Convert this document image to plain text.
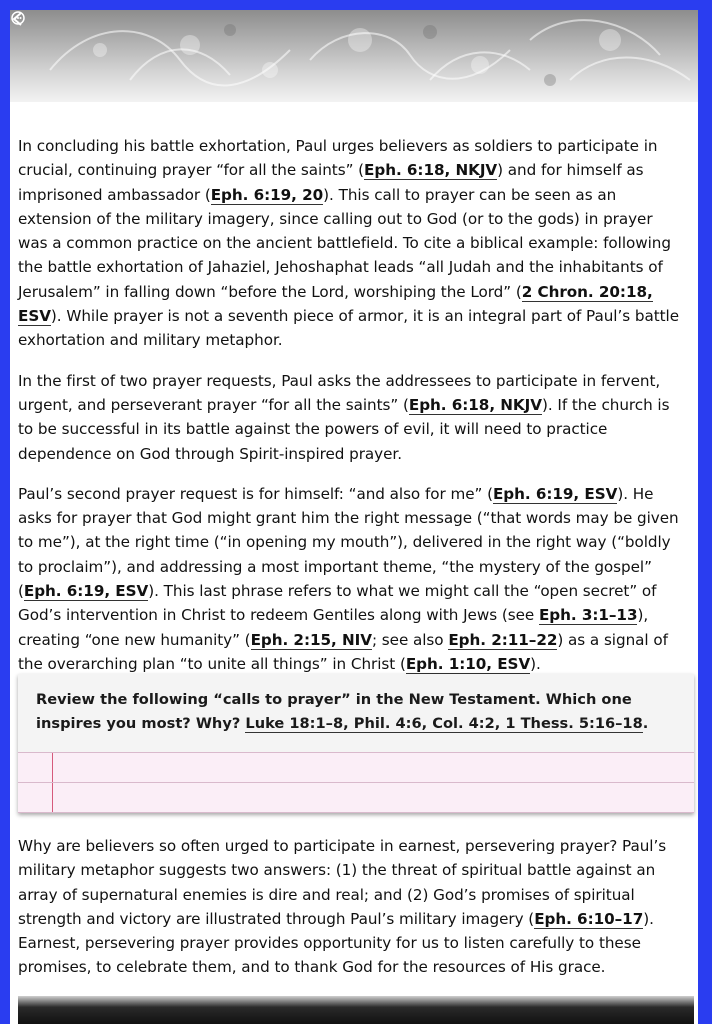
In concluding his battle exhortation, Paul urges believers as soldiers to participate in crucial, continuing prayer “for all the saints” (Eph. 6:18, NKJV) and for himself as imprisoned ambassador (Eph. 6:19, 20). This call to prayer can be seen as an extension of the military imagery, since calling out to God (or to the gods) in prayer was a common practice on the ancient battlefield. To cite a biblical example: following the battle exhortation of Jahaziel, Jehoshaphat leads “all Judah and the inhabitants of Jerusalem” in falling down “before the Lord, worshiping the Lord” (2 Chron. 20:18, ESV). While prayer is not a seventh piece of armor, it is an integral part of Paul’s battle exhortation and military metaphor.

In the first of two prayer requests, Paul asks the addressees to participate in fervent, urgent, and perseverant prayer “for all the saints” (Eph. 6:18, NKJV). If the church is to be successful in its battle against the powers of evil, it will need to practice dependence on God through Spirit-inspired prayer.

Paul’s second prayer request is for himself: “and also for me” (Eph. 6:19, ESV). He asks for prayer that God might grant him the right message (“that words may be given to me”), at the right time (“in opening my mouth”), delivered in the right way (“boldly to proclaim”), and addressing a most important theme, “the mystery of the gospel” (Eph. 6:19, ESV). This last phrase refers to what we might call the “open secret” of God’s intervention in Christ to redeem Gentiles along with Jews (see Eph. 3:1–13), creating “one new humanity” (Eph. 2:15, NIV; see also Eph. 2:11–22) as a signal of the overarching plan “to unite all things” in Christ (Eph. 1:10, ESV).

Review the following “calls to prayer” in the New Testament. Which one inspires you most? Why? Luke 18:1–8, Phil. 4:6, Col. 4:2, 1 Thess. 5:16–18.

Why are believers so often urged to participate in earnest, persevering prayer? Paul’s military metaphor suggests two answers: (1) the threat of spiritual battle against an array of supernatural enemies is dire and real; and (2) God’s promises of spiritual strength and victory are illustrated through Paul’s military imagery (Eph. 6:10–17). Earnest, persevering prayer provides opportunity for us to listen carefully to these promises, to celebrate them, and to thank God for the resources of His grace.
